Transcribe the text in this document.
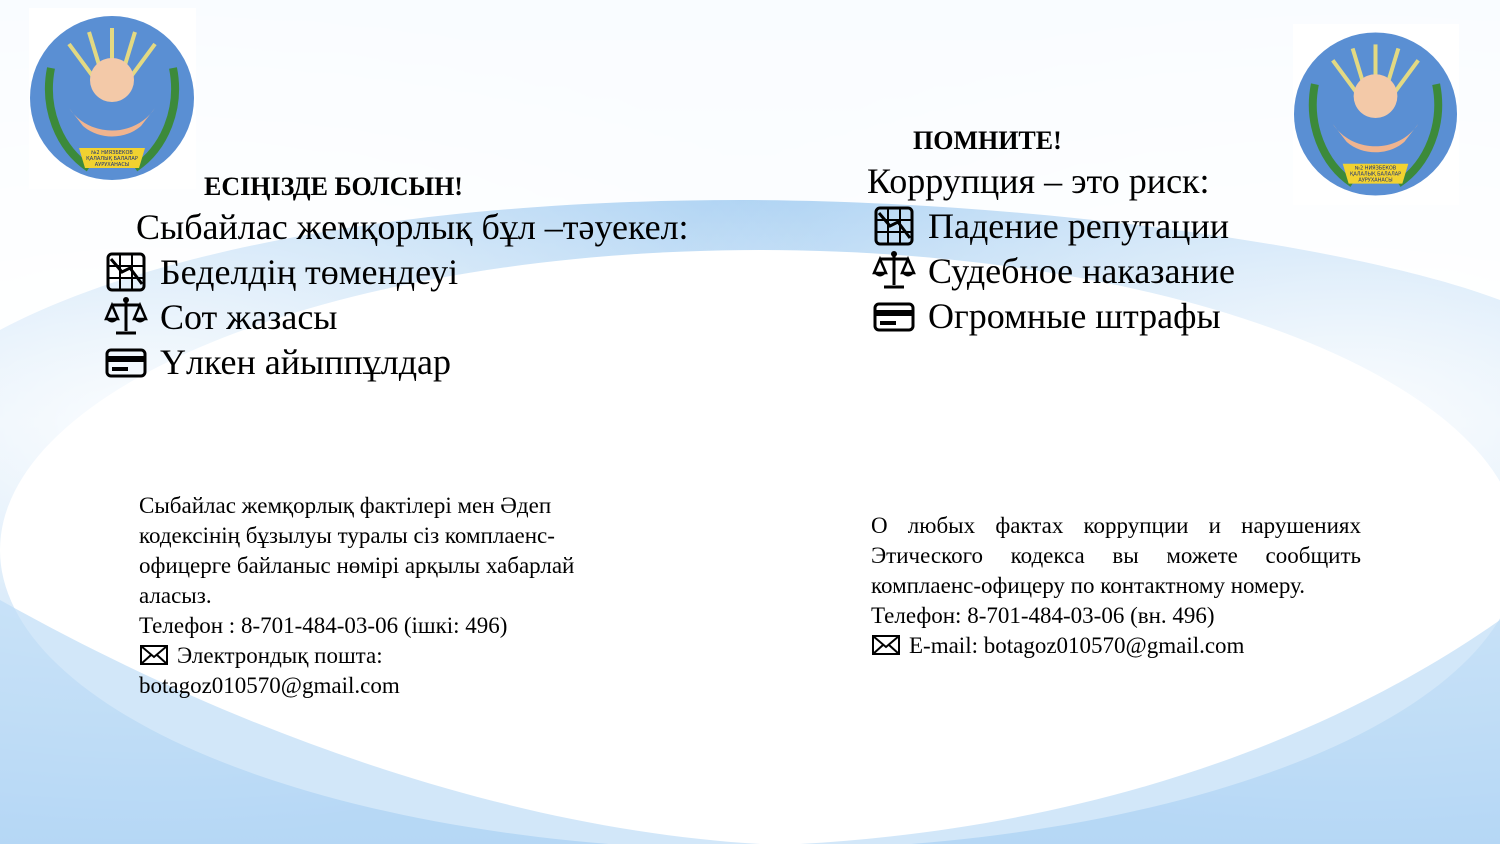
№2 НИЯЗБЕКОВ
ҚАЛАЛЫҚ БАЛАЛАР
АУРУХАНАСЫ
№2 НИЯЗБЕКОВ
ҚАЛАЛЫҚ БАЛАЛАР
АУРУХАНАСЫ
ЕСІҢІЗДЕ БОЛСЫН!
Сыбайлас жемқорлық бұл –тәуекел:
Беделдің төмендеуі
Сот жазасы
Үлкен айыппұлдар

Сыбайлас жемқорлық фактілері мен Әдеп

кодексінің бұзылуы туралы сіз комплаенс-

офицерге байланыс нөмірі арқылы хабарлай

аласыз.

Телефон : 8-701-484-03-06 (ішкі: 496)

Электрондық пошта:

botagoz010570@gmail.com

ПОМНИТЕ!
Коррупция – это риск:
Падение репутации
Судебное наказание
Огромные штрафы

О любых фактах коррупции и нарушениях Этического кодекса вы можете сообщить комплаенс-офицеру по контактному номеру.

Телефон: 8-701-484-03-06 (вн. 496)

E-mail: botagoz010570@gmail.com
